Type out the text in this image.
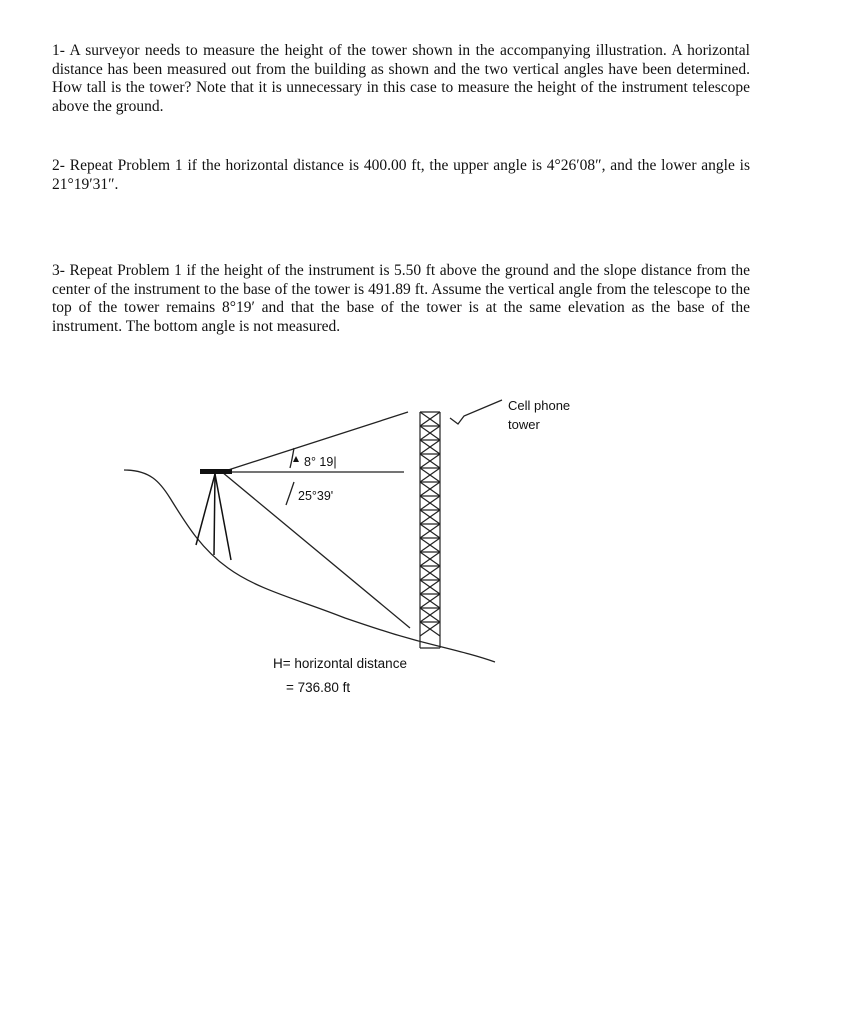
1- A surveyor needs to measure the height of the tower shown in the accompanying illustration. A horizontal distance has been measured out from the building as shown and the two vertical angles have been determined. How tall is the tower? Note that it is unnecessary in this case to measure the height of the instrument telescope above the ground.

2- Repeat Problem 1 if the horizontal distance is 400.00 ft, the upper angle is 4°26′08″, and the lower angle is 21°19′31″.

3- Repeat Problem 1 if the height of the instrument is 5.50 ft above the ground and the slope distance from the center of the instrument to the base of the tower is 491.89 ft. Assume the vertical angle from the telescope to the top of the tower remains 8°19′ and that the base of the tower is at the same elevation as the base of the instrument. The bottom angle is not measured.

8° 19|
25°39'
Cell phone
tower
H= horizontal distance
= 736.80 ft
